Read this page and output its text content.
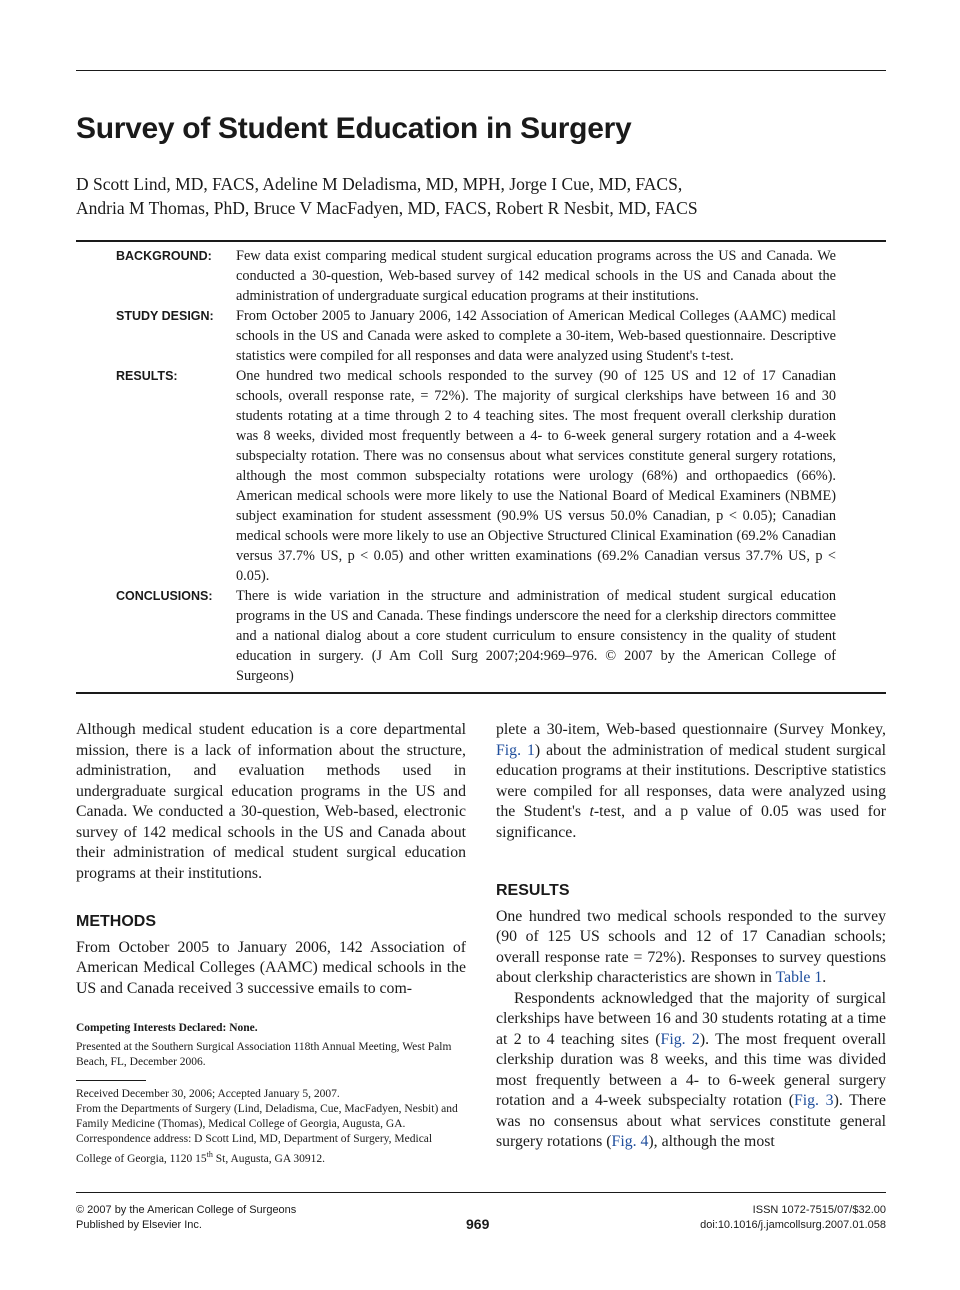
Survey of Student Education in Surgery

D Scott Lind, MD, FACS, Adeline M Deladisma, MD, MPH, Jorge I Cue, MD, FACS,

Andria M Thomas, PhD, Bruce V MacFadyen, MD, FACS, Robert R Nesbit, MD, FACS

BACKGROUND:	Few data exist comparing medical student surgical education programs across the US and Canada. We conducted a 30-question, Web-based survey of 142 medical schools in the US and Canada about the administration of undergraduate surgical education programs at their institutions.
STUDY DESIGN:	From October 2005 to January 2006, 142 Association of American Medical Colleges (AAMC) medical schools in the US and Canada were asked to complete a 30-item, Web-based questionnaire. Descriptive statistics were compiled for all responses and data were analyzed using Student's t-test.
RESULTS:	One hundred two medical schools responded to the survey (90 of 125 US and 12 of 17 Canadian schools, overall response rate, = 72%). The majority of surgical clerkships have between 16 and 30 students rotating at a time through 2 to 4 teaching sites. The most frequent overall clerkship duration was 8 weeks, divided most frequently between a 4- to 6-week general surgery rotation and a 4-week subspecialty rotation. There was no consensus about what services constitute general surgery rotations, although the most common subspecialty rotations were urology (68%) and orthopaedics (66%). American medical schools were more likely to use the National Board of Medical Examiners (NBME) subject examination for student assessment (90.9% US versus 50.0% Canadian, p < 0.05); Canadian medical schools were more likely to use an Objective Structured Clinical Examination (69.2% Canadian versus 37.7% US, p < 0.05) and other written examinations (69.2% Canadian versus 37.7% US, p < 0.05).
CONCLUSIONS:	There is wide variation in the structure and administration of medical student surgical education programs in the US and Canada. These findings underscore the need for a clerkship directors committee and a national dialog about a core student curriculum to ensure consistency in the quality of student education in surgery. (J Am Coll Surg 2007;204:969–976. © 2007 by the American College of Surgeons)

Although medical student education is a core departmental mission, there is a lack of information about the structure, administration, and evaluation methods used in undergraduate surgical education programs in the US and Canada. We conducted a 30-question, Web-based, electronic survey of 142 medical schools in the US and Canada about their administration of medical student surgical education programs at their institutions.

METHODS

From October 2005 to January 2006, 142 Association of American Medical Colleges (AAMC) medical schools in the US and Canada received 3 successive emails to com-

Competing Interests Declared: None.

Presented at the Southern Surgical Association 118th Annual Meeting, West Palm Beach, FL, December 2006.

Received December 30, 2006; Accepted January 5, 2007.

From the Departments of Surgery (Lind, Deladisma, Cue, MacFadyen, Nesbit) and Family Medicine (Thomas), Medical College of Georgia, Augusta, GA.

Correspondence address: D Scott Lind, MD, Department of Surgery, Medical College of Georgia, 1120 15th St, Augusta, GA 30912.

plete a 30-item, Web-based questionnaire (Survey Monkey, Fig. 1) about the administration of medical student surgical education programs at their institutions. Descriptive statistics were compiled for all responses, data were analyzed using the Student's t-test, and a p value of 0.05 was used for significance.

RESULTS

One hundred two medical schools responded to the survey (90 of 125 US schools and 12 of 17 Canadian schools; overall response rate = 72%). Responses to survey questions about clerkship characteristics are shown in Table 1.

Respondents acknowledged that the majority of surgical clerkships have between 16 and 30 students rotating at a time at 2 to 4 teaching sites (Fig. 2). The most frequent overall clerkship duration was 8 weeks, and this time was divided most frequently between a 4- to 6-week general surgery rotation and a 4-week subspecialty rotation (Fig. 3). There was no consensus about what services constitute general surgery rotations (Fig. 4), although the most

© 2007 by the American College of Surgeons
Published by Elsevier Inc.	969
ISSN 1072-7515/07/$32.00
doi:10.1016/j.jamcollsurg.2007.01.058
